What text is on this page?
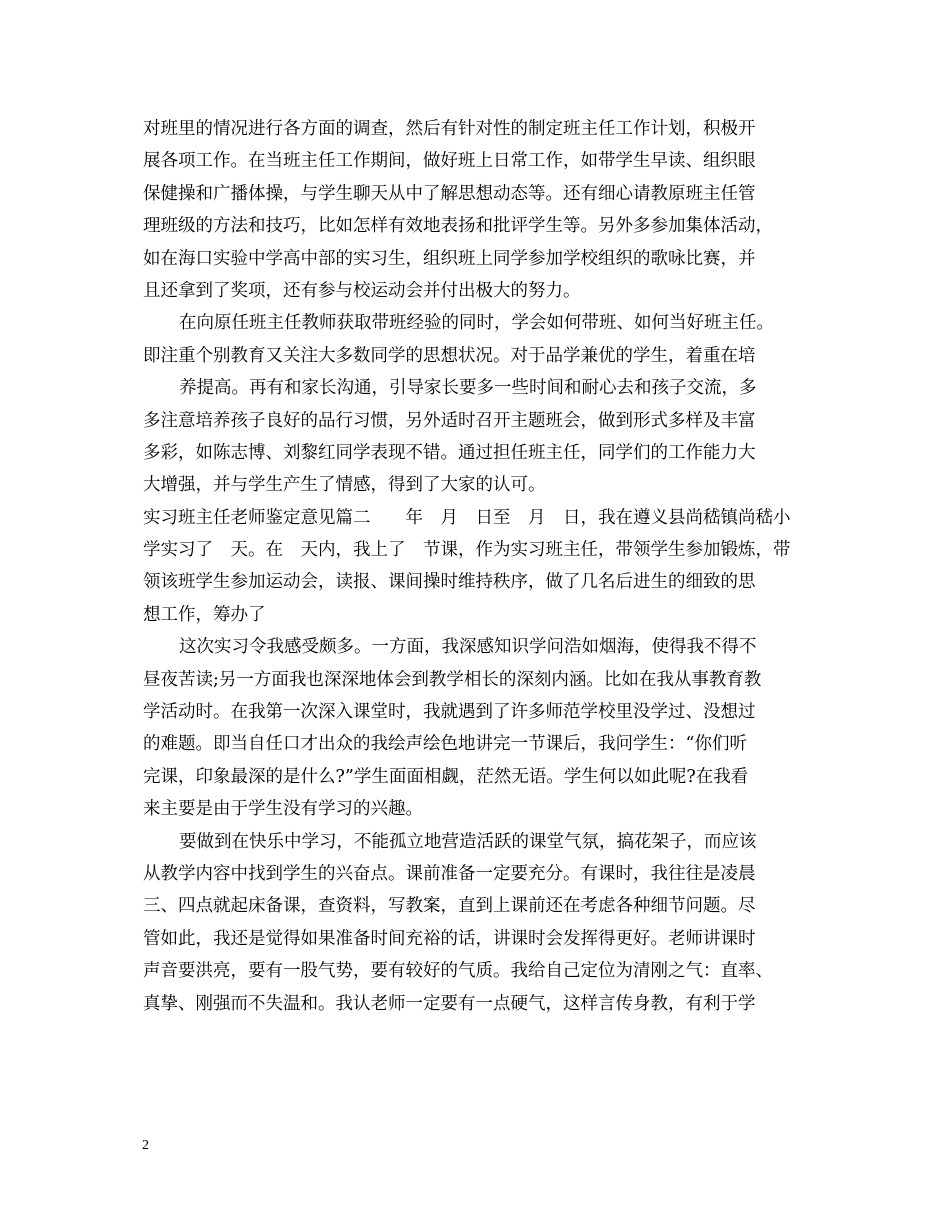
对班里的情况进行各方面的调查，然后有针对性的制定班主任工作计划，积极开
展各项工作。在当班主任工作期间，做好班上日常工作，如带学生早读、组织眼
保健操和广播体操，与学生聊天从中了解思想动态等。还有细心请教原班主任管
理班级的方法和技巧，比如怎样有效地表扬和批评学生等。另外多参加集体活动，
如在海口实验中学高中部的实习生，组织班上同学参加学校组织的歌咏比赛，并
且还拿到了奖项，还有参与校运动会并付出极大的努力。
在向原任班主任教师获取带班经验的同时，学会如何带班、如何当好班主任。
即注重个别教育又关注大多数同学的思想状况。对于品学兼优的学生，着重在培
养提高。再有和家长沟通，引导家长要多一些时间和耐心去和孩子交流，多
多注意培养孩子良好的品行习惯，另外适时召开主题班会，做到形式多样及丰富
多彩，如陈志博、刘黎红同学表现不错。通过担任班主任，同学们的工作能力大
大增强，并与学生产生了情感，得到了大家的认可。
实习班主任老师鉴定意见篇二　　年　月　日至　月　日，我在遵义县尚嵇镇尚嵇小
学实习了　天。在　天内，我上了　节课，作为实习班主任，带领学生参加锻炼，带
领该班学生参加运动会，读报、课间操时维持秩序，做了几名后进生的细致的思
想工作，筹办了
这次实习令我感受颇多。一方面，我深感知识学问浩如烟海，使得我不得不
昼夜苦读;另一方面我也深深地体会到教学相长的深刻内涵。比如在我从事教育教
学活动时。在我第一次深入课堂时，我就遇到了许多师范学校里没学过、没想过
的难题。即当自任口才出众的我绘声绘色地讲完一节课后，我问学生：“你们听
完课，印象最深的是什么?”学生面面相觑，茫然无语。学生何以如此呢?在我看
来主要是由于学生没有学习的兴趣。
要做到在快乐中学习，不能孤立地营造活跃的课堂气氛，搞花架子，而应该
从教学内容中找到学生的兴奋点。课前准备一定要充分。有课时，我往往是凌晨
三、四点就起床备课，查资料，写教案，直到上课前还在考虑各种细节问题。尽
管如此，我还是觉得如果准备时间充裕的话，讲课时会发挥得更好。老师讲课时
声音要洪亮，要有一股气势，要有较好的气质。我给自己定位为清刚之气：直率、
真挚、刚强而不失温和。我认老师一定要有一点硬气，这样言传身教，有利于学
2
